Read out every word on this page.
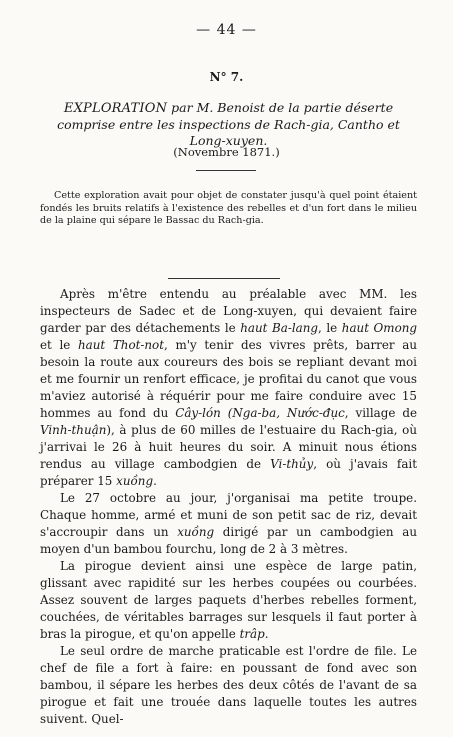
— 44 —
N° 7.
EXPLORATION par M. Benoist de la partie déserte comprise entre les inspections de Rach-gia, Cantho et Long-xuyen.
(Novembre 1871.)
Cette exploration avait pour objet de constater jusqu'à quel point étaient fondés les bruits relatifs à l'existence des rebelles et d'un fort dans le milieu de la plaine qui sépare le Bassac du Rach-gia.

Après m'être entendu au préalable avec MM. les inspecteurs de Sadec et de Long-xuyen, qui devaient faire garder par des détachements le haut Ba-lang, le haut Omong et le haut Thot-not, m'y tenir des vivres prêts, barrer au besoin la route aux coureurs des bois se repliant devant moi et me fournir un renfort efficace, je profitai du canot que vous m'aviez autorisé à réquérir pour me faire conduire avec 15 hommes au fond du Cây-lón (Nga-ba, Nước-đục, village de Vinh-thuận), à plus de 60 milles de l'estuaire du Rach-gia, où j'arrivai le 26 à huit heures du soir. A minuit nous étions rendus au village cambodgien de Vi-thủy, où j'avais fait préparer 15 xuồng.

Le 27 octobre au jour, j'organisai ma petite troupe. Chaque homme, armé et muni de son petit sac de riz, devait s'accroupir dans un xuồng dirigé par un cambodgien au moyen d'un bambou fourchu, long de 2 à 3 mètres.

La pirogue devient ainsi une espèce de large patin, glissant avec rapidité sur les herbes coupées ou courbées. Assez souvent de larges paquets d'herbes rebelles forment, couchées, de véritables barrages sur lesquels il faut porter à bras la pirogue, et qu'on appelle trâp.

Le seul ordre de marche praticable est l'ordre de file. Le chef de file a fort à faire: en poussant de fond avec son bambou, il sépare les herbes des deux côtés de l'avant de sa pirogue et fait une trouée dans laquelle toutes les autres suivent. Quel-
